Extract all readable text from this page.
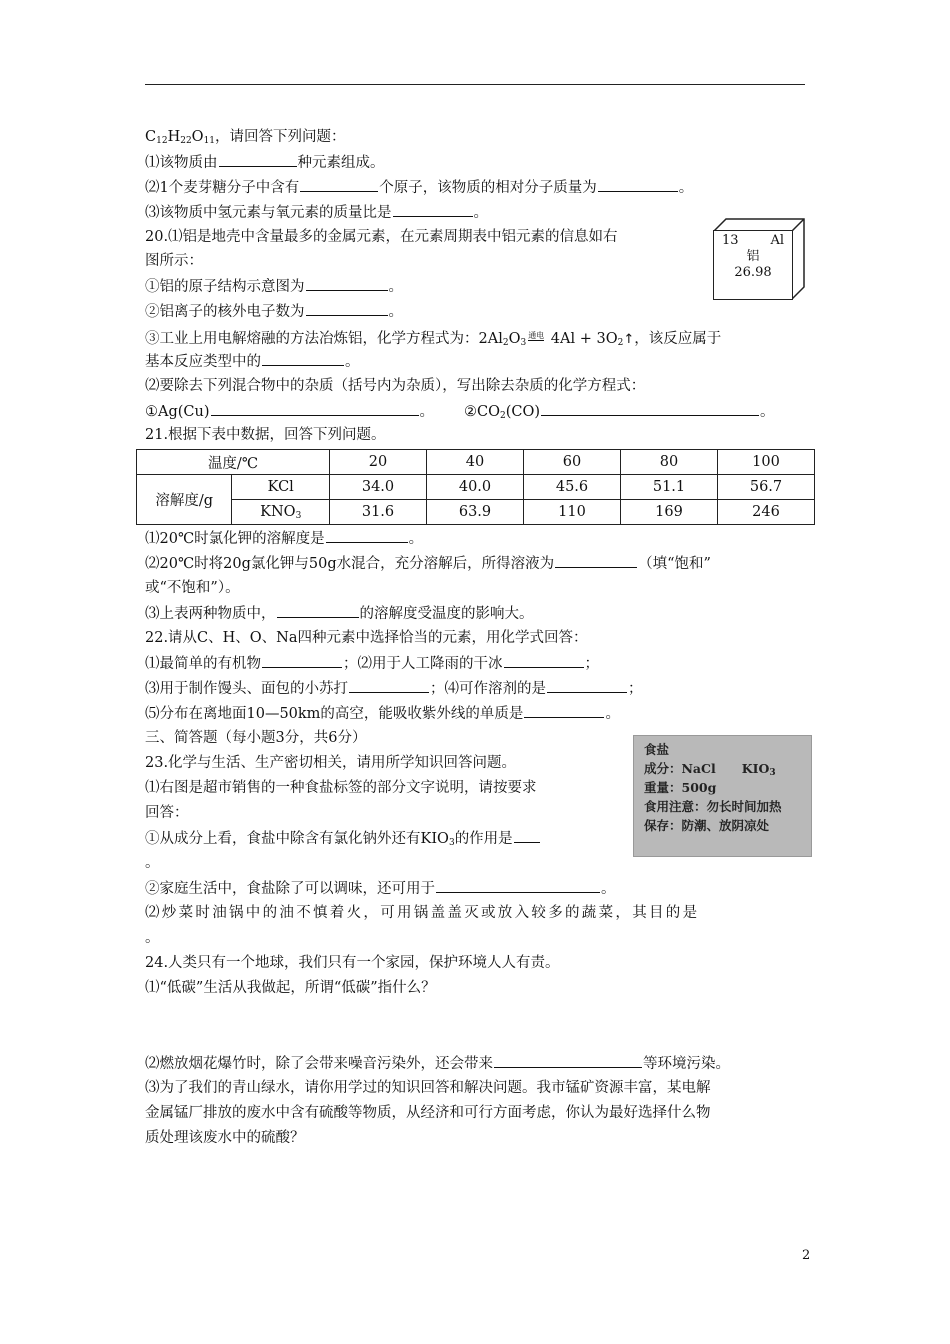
$C_{12}H_{22}O_{11}$，请回答下列问题：
⑴该物质由	种元素组成。
⑵1个麦芽糖分子中含有	个原子，该物质的相对分子质量为	。
⑶该物质中氢元素与氧元素的质量比是	。
20.⑴铝是地壳中含量最多的金属元素，在元素周期表中铝元素的信息如右
图所示：
①铝的原子结构示意图为	。
②铝离子的核外电子数为	。
③工业上用电解熔融的方法冶炼铝，化学方程式为：$2Al_2O_3^{通电}$ $4Al + 3O_2↑$，该反应属于
基本反应类型中的	。
⑵要除去下列混合物中的杂质（括号内为杂质），写出除去杂质的化学方程式：
①Ag(Cu)	。 $②CO_2(CO)$	。
13 Al
铝
26.98
21.根据下表中数据，回答下列问题。
温度/℃		20	40	60	80	100
溶解度/g	KCl	34.0	40.0	45.6	51.1	56.7
	$KNO_3$	31.6	63.9	110	169	246
⑴20℃时氯化钾的溶解度是	。
⑵20℃时将20g氯化钾与50g水混合，充分溶解后，所得溶液为	（填“饱和”
或“不饱和”）。
⑶上表两种物质中，	的溶解度受温度的影响大。
22.请从C、H、O、Na四种元素中选择恰当的元素，用化学式回答：
⑴最简单的有机物	；⑵用于人工降雨的干冰	；
⑶用于制作馒头、面包的小苏打	；⑷可作溶剂的是	；
⑸分布在离地面10—50km的高空，能吸收紫外线的单质是	。
三、简答题（每小题3分，共6分）
23.化学与生活、生产密切相关，请用所学知识回答问题。
⑴右图是超市销售的一种食盐标签的部分文字说明，请按要求
回答：
①从成分上看，食盐中除含有氯化钠外还有$KIO_3$的作用是
。
②家庭生活中，食盐除了可以调味，还可用于	。
⑵炒菜时油锅中的油不慎着火，可用锅盖盖灭或放入较多的蔬菜，其目的是
。
食盐
成分：NaCl $KIO_3$
重量：500g
食用注意：勿长时间加热
保存：防潮、放阴凉处
24.人类只有一个地球，我们只有一个家园，保护环境人人有责。
⑴“低碳”生活从我做起，所谓“低碳”指什么？
⑵燃放烟花爆竹时，除了会带来噪音污染外，还会带来	等环境污染。
⑶为了我们的青山绿水，请你用学过的知识回答和解决问题。我市锰矿资源丰富，某电解
金属锰厂排放的废水中含有硫酸等物质，从经济和可行方面考虑，你认为最好选择什么物
质处理该废水中的硫酸？
2
